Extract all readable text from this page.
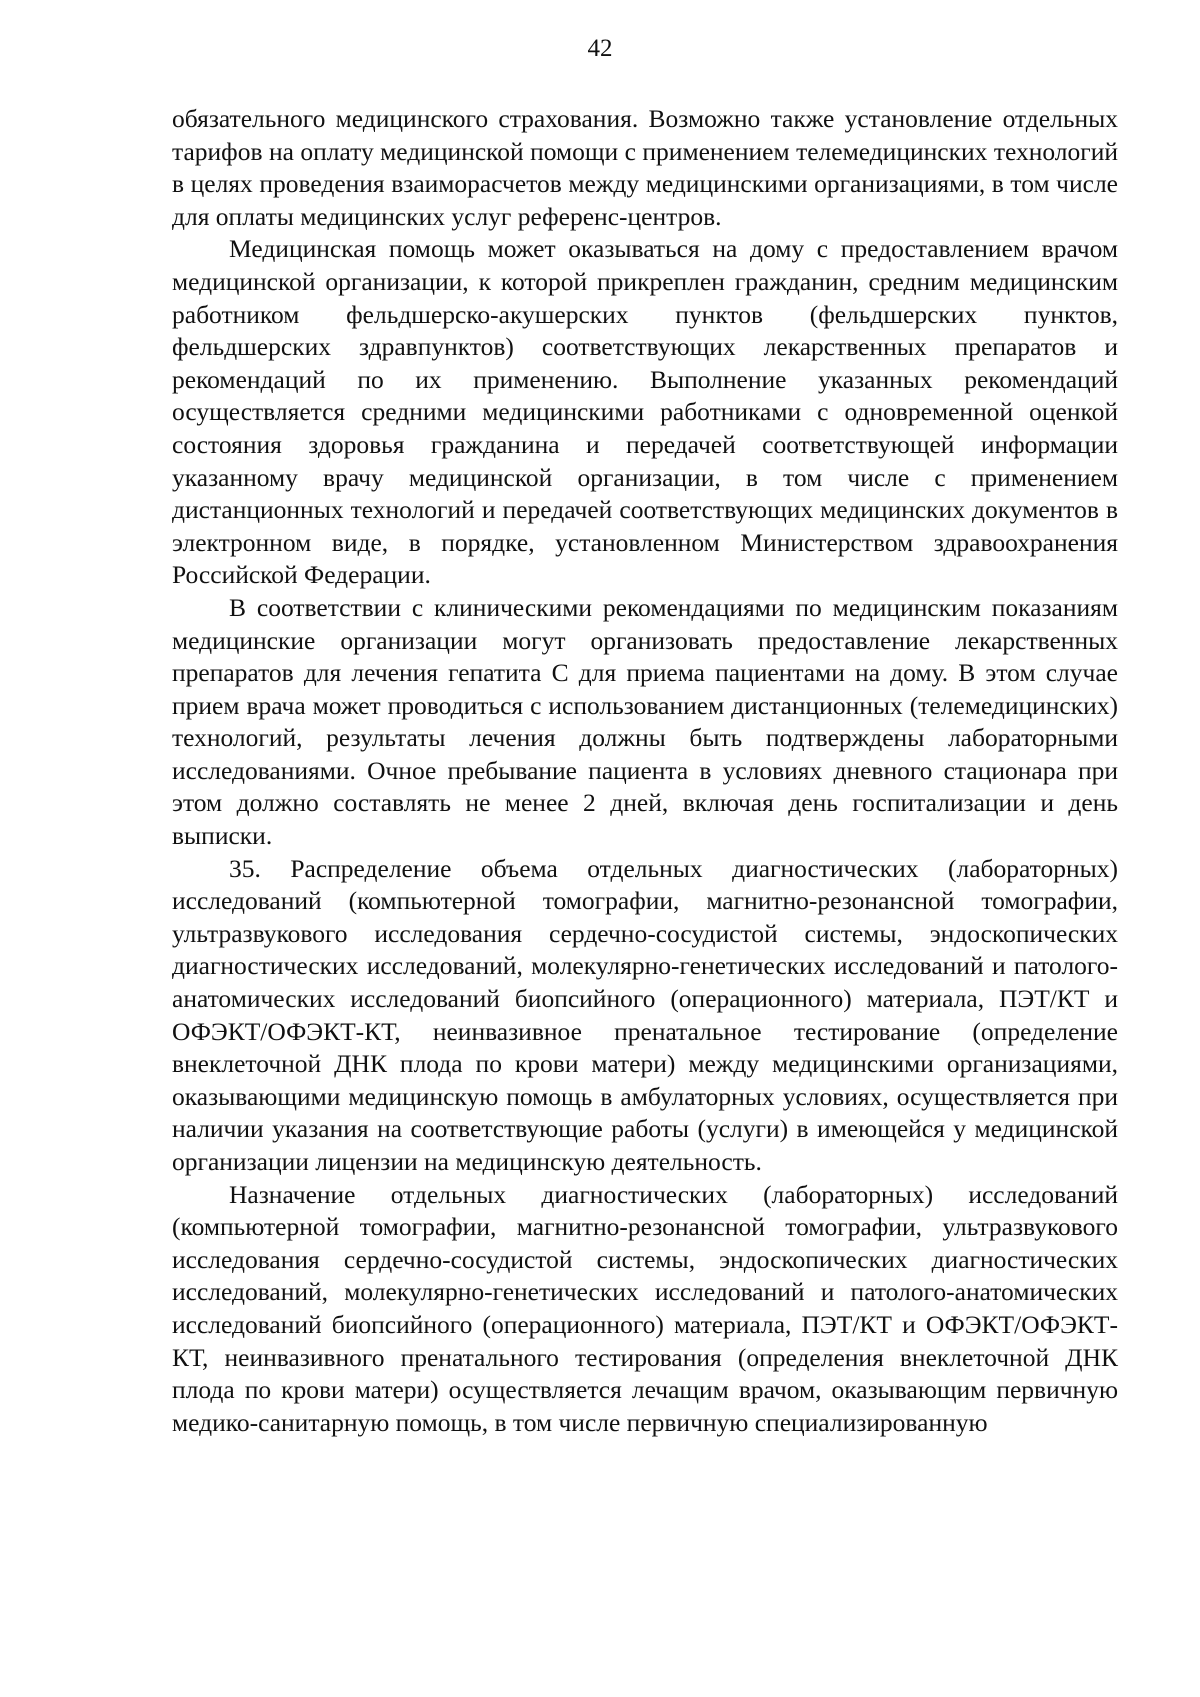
42

обязательного медицинского страхования. Возможно также установление отдельных тарифов на оплату медицинской помощи с применением телемедицинских технологий в целях проведения взаиморасчетов между медицинскими организациями, в том числе для оплаты медицинских услуг референс-центров.

Медицинская помощь может оказываться на дому с предоставлением врачом медицинской организации, к которой прикреплен гражданин, средним медицинским работником фельдшерско-акушерских пунктов (фельдшерских пунктов, фельдшерских здравпунктов) соответствующих лекарственных препаратов и рекомендаций по их применению. Выполнение указанных рекомендаций осуществляется средними медицинскими работниками с одновременной оценкой состояния здоровья гражданина и передачей соответствующей информации указанному врачу медицинской организации, в том числе с применением дистанционных технологий и передачей соответствующих медицинских документов в электронном виде, в порядке, установленном Министерством здравоохранения Российской Федерации.

В соответствии с клиническими рекомендациями по медицинским показаниям медицинские организации могут организовать предоставление лекарственных препаратов для лечения гепатита С для приема пациентами на дому. В этом случае прием врача может проводиться с использованием дистанционных (телемедицинских) технологий, результаты лечения должны быть подтверждены лабораторными исследованиями. Очное пребывание пациента в условиях дневного стационара при этом должно составлять не менее 2 дней, включая день госпитализации и день выписки.

35. Распределение объема отдельных диагностических (лабораторных) исследований (компьютерной томографии, магнитно-резонансной томографии, ультразвукового исследования сердечно-сосудистой системы, эндоскопических диагностических исследований, молекулярно-генетических исследований и патолого-анатомических исследований биопсийного (операционного) материала, ПЭТ/КТ и ОФЭКТ/ОФЭКТ-КТ, неинвазивное пренатальное тестирование (определение внеклеточной ДНК плода по крови матери) между медицинскими организациями, оказывающими медицинскую помощь в амбулаторных условиях, осуществляется при наличии указания на соответствующие работы (услуги) в имеющейся у медицинской организации лицензии на медицинскую деятельность.

Назначение отдельных диагностических (лабораторных) исследований (компьютерной томографии, магнитно-резонансной томографии, ультразвукового исследования сердечно-сосудистой системы, эндоскопических диагностических исследований, молекулярно-генетических исследований и патолого-анатомических исследований биопсийного (операционного) материала, ПЭТ/КТ и ОФЭКТ/ОФЭКТ-КТ, неинвазивного пренатального тестирования (определения внеклеточной ДНК плода по крови матери) осуществляется лечащим врачом, оказывающим первичную медико-санитарную помощь, в том числе первичную специализированную
